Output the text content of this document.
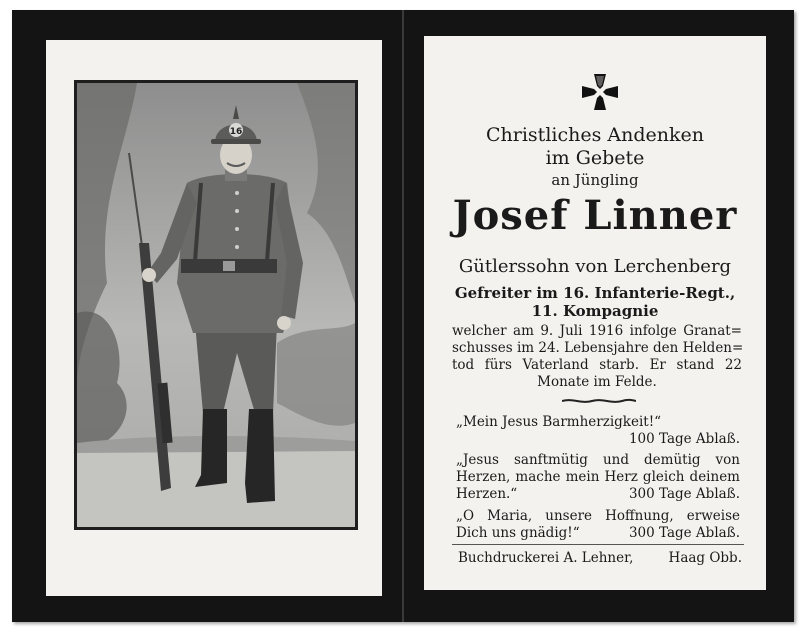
16	Christliches Andenken
im Gebete
an Jüngling
Josef Linner
Gütlerssohn von Lerchenberg
Gefreiter im 16. Infanterie-Regt.,
11. Kompagnie
welcher am 9. Juli 1916 infolge Granat=
schusses im 24. Lebensjahre den Helden=
tod fürs Vaterland starb. Er stand 22
Monate im Felde.
„Mein Jesus Barmherzigkeit!“
100 Tage Ablaß.
„Jesus sanftmütig und demütig von
Herzen, mache mein Herz gleich deinem
Herzen.“	300 Tage Ablaß.
„O Maria, unsere Hoffnung, erweise
Dich uns gnädig!“	300 Tage Ablaß.
Buchdruckerei A. Lehner,	Haag Obb.
